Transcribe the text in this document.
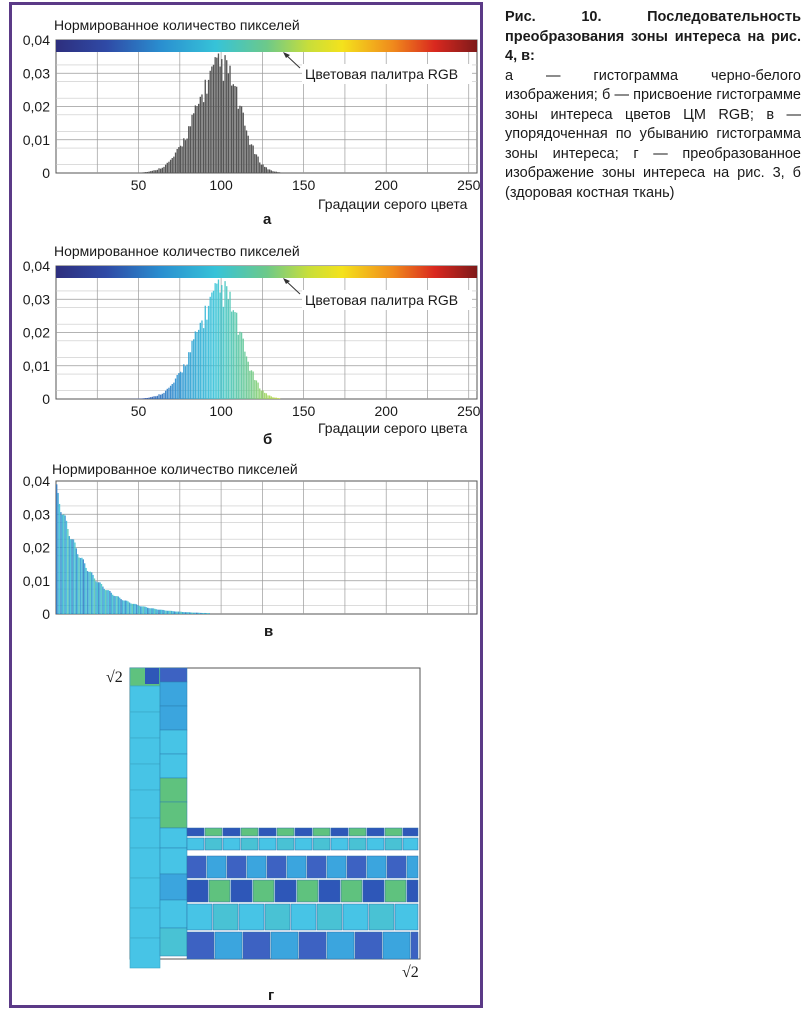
Нормированное количество пикселей
0
0,01
0,02
0,03
0,04
50	100	150	200	250
Цветовая палитра RGB
Градации серого цвета
а
Нормированное количество пикселей
0
0,01
0,02
0,03
0,04
50	100	150	200	250
Цветовая палитра RGB
Градации серого цвета
б
Нормированное количество пикселей
0
0,01
0,02
0,03
0,04
в
√2
√2
г
Рис. 10. Последовательность преобразования зоны интереса на рис. 4, в:
а — гистограмма черно-белого изображения; б — присвоение гистограмме зоны интереса цветов ЦМ RGB; в — упорядоченная по убыванию гистограмма зоны интереса; г — преобразованное изображение зоны интереса на рис. 3, б (здоровая костная ткань)
